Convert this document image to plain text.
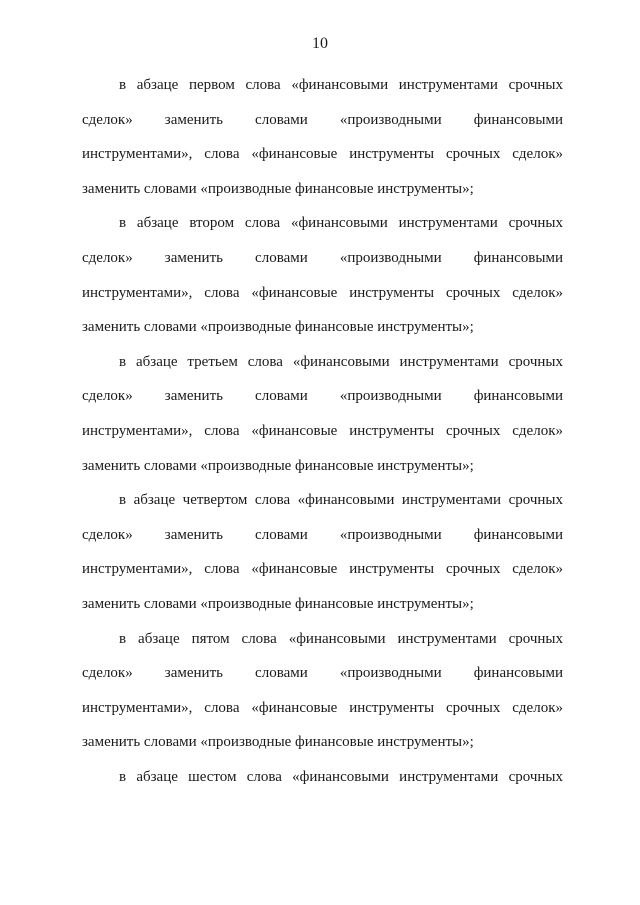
10

в абзаце первом слова «финансовыми инструментами срочных сделок» заменить словами «производными финансовыми инструментами», слова «финансовые инструменты срочных сделок» заменить словами «производные финансовые инструменты»;

в абзаце втором слова «финансовыми инструментами срочных сделок» заменить словами «производными финансовыми инструментами», слова «финансовые инструменты срочных сделок» заменить словами «производные финансовые инструменты»;

в абзаце третьем слова «финансовыми инструментами срочных сделок» заменить словами «производными финансовыми инструментами», слова «финансовые инструменты срочных сделок» заменить словами «производные финансовые инструменты»;

в абзаце четвертом слова «финансовыми инструментами срочных сделок» заменить словами «производными финансовыми инструментами», слова «финансовые инструменты срочных сделок» заменить словами «производные финансовые инструменты»;

в абзаце пятом слова «финансовыми инструментами срочных сделок» заменить словами «производными финансовыми инструментами», слова «финансовые инструменты срочных сделок» заменить словами «производные финансовые инструменты»;

в абзаце шестом слова «финансовыми инструментами срочных
